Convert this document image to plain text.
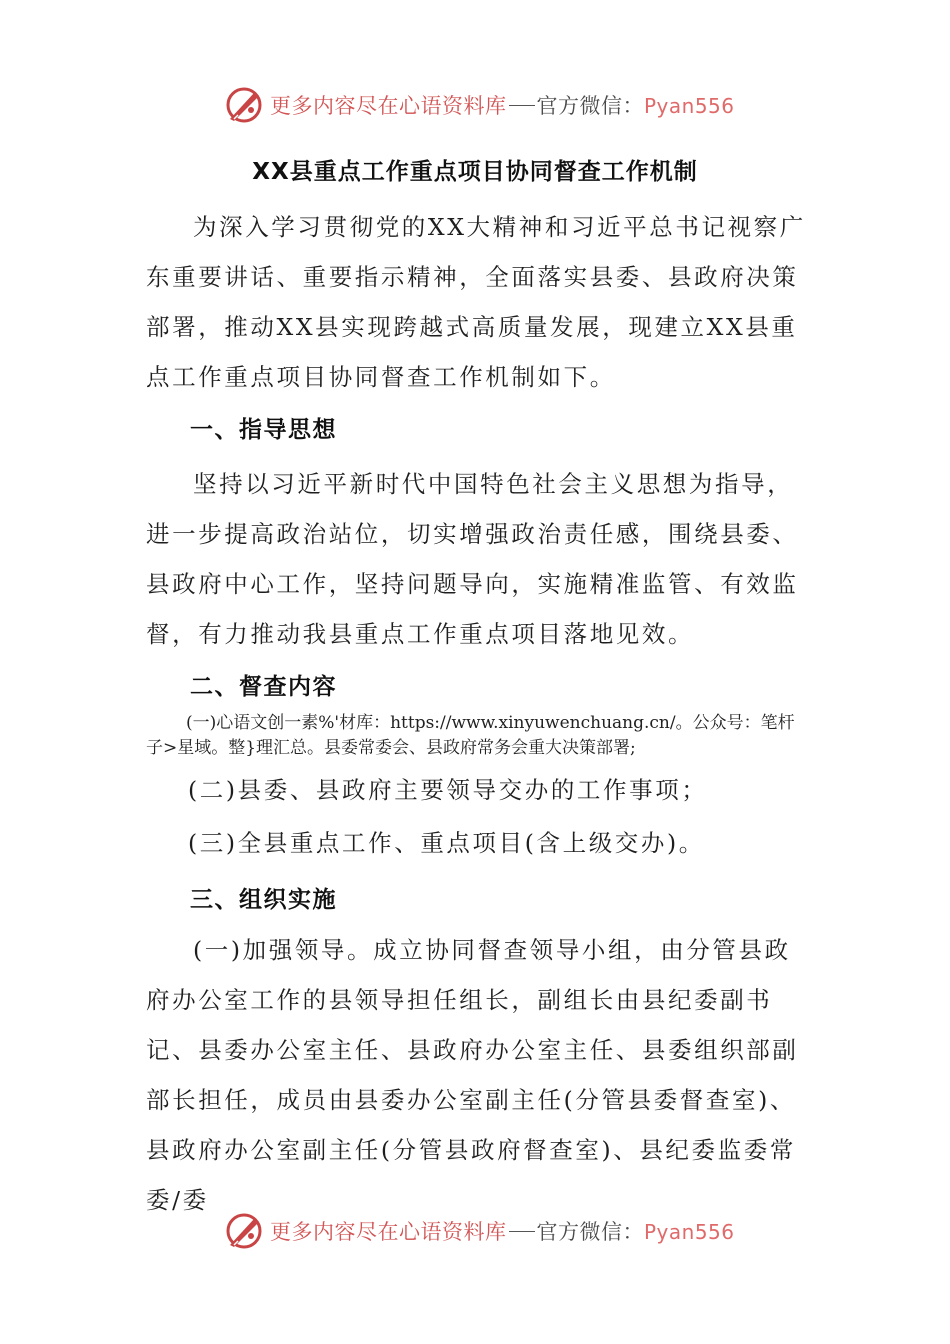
更多内容尽在心语资料库 官方微信：Pyan556
XX县重点工作重点项目协同督查工作机制

为深入学习贯彻党的XX大精神和习近平总书记视察广东重要讲话、重要指示精神，全面落实县委、县政府决策部署，推动XX县实现跨越式高质量发展，现建立XX县重点工作重点项目协同督查工作机制如下。

一、指导思想

坚持以习近平新时代中国特色社会主义思想为指导，进一步提高政治站位，切实增强政治责任感，围绕县委、县政府中心工作，坚持问题导向，实施精准监管、有效监督，有力推动我县重点工作重点项目落地见效。

二、督查内容

(一)心语文创一素%'材库：https://www.xinyuwenchuang.cn/。公众号：笔杆子>星域。整}理汇总。县委常委会、县政府常务会重大决策部署;

(二)县委、县政府主要领导交办的工作事项；

(三)全县重点工作、重点项目(含上级交办)。

三、组织实施

(一)加强领导。成立协同督查领导小组，由分管县政府办公室工作的县领导担任组长，副组长由县纪委副书记、县委办公室主任、县政府办公室主任、县委组织部副部长担任，成员由县委办公室副主任(分管县委督查室)、县政府办公室副主任(分管县政府督查室)、县纪委监委常委/委

更多内容尽在心语资料库 官方微信：Pyan556
